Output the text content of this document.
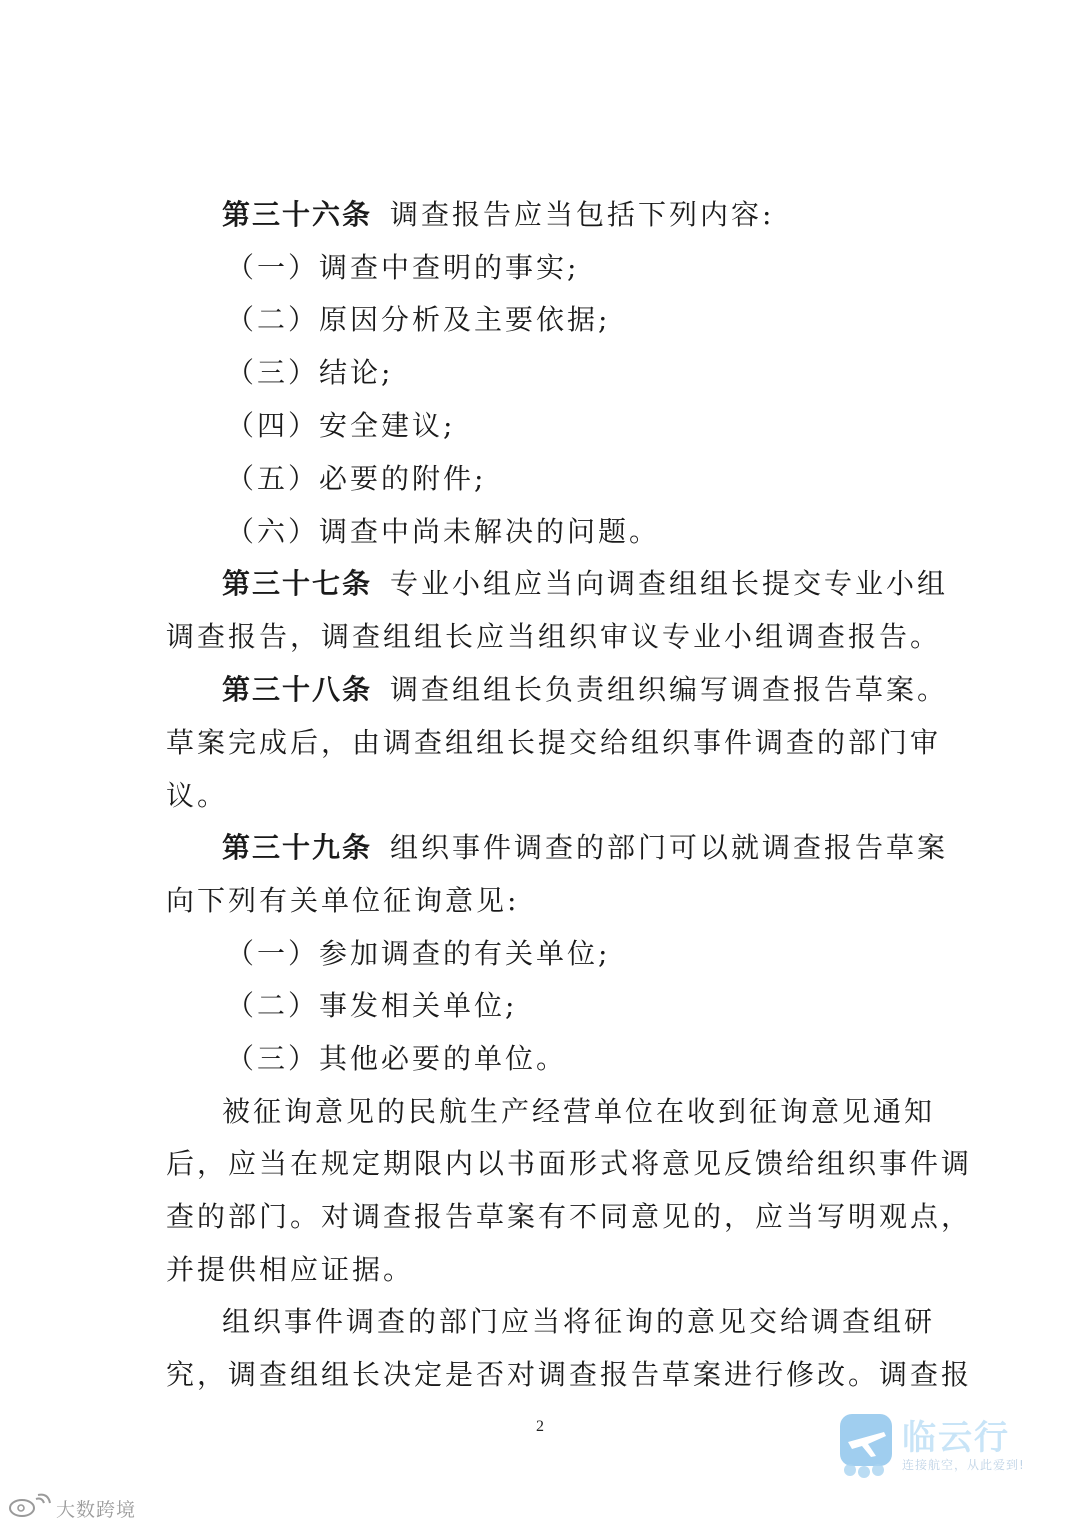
第三十六条 调查报告应当包括下列内容:
（一）调查中查明的事实;
（二）原因分析及主要依据;
（三）结论;
（四）安全建议;
（五）必要的附件;
（六）调查中尚未解决的问题。
第三十七条 专业小组应当向调查组组长提交专业小组
调查报告，调查组组长应当组织审议专业小组调查报告。
第三十八条 调查组组长负责组织编写调查报告草案。
草案完成后，由调查组组长提交给组织事件调查的部门审
议。
第三十九条 组织事件调查的部门可以就调查报告草案
向下列有关单位征询意见:
（一）参加调查的有关单位;
（二）事发相关单位;
（三）其他必要的单位。
被征询意见的民航生产经营单位在收到征询意见通知
后，应当在规定期限内以书面形式将意见反馈给组织事件调
查的部门。对调查报告草案有不同意见的，应当写明观点，
并提供相应证据。
组织事件调查的部门应当将征询的意见交给调查组研
究，调查组组长决定是否对调查报告草案进行修改。调查报
2	临云行
连接航空，从此爱到!
大数跨境
